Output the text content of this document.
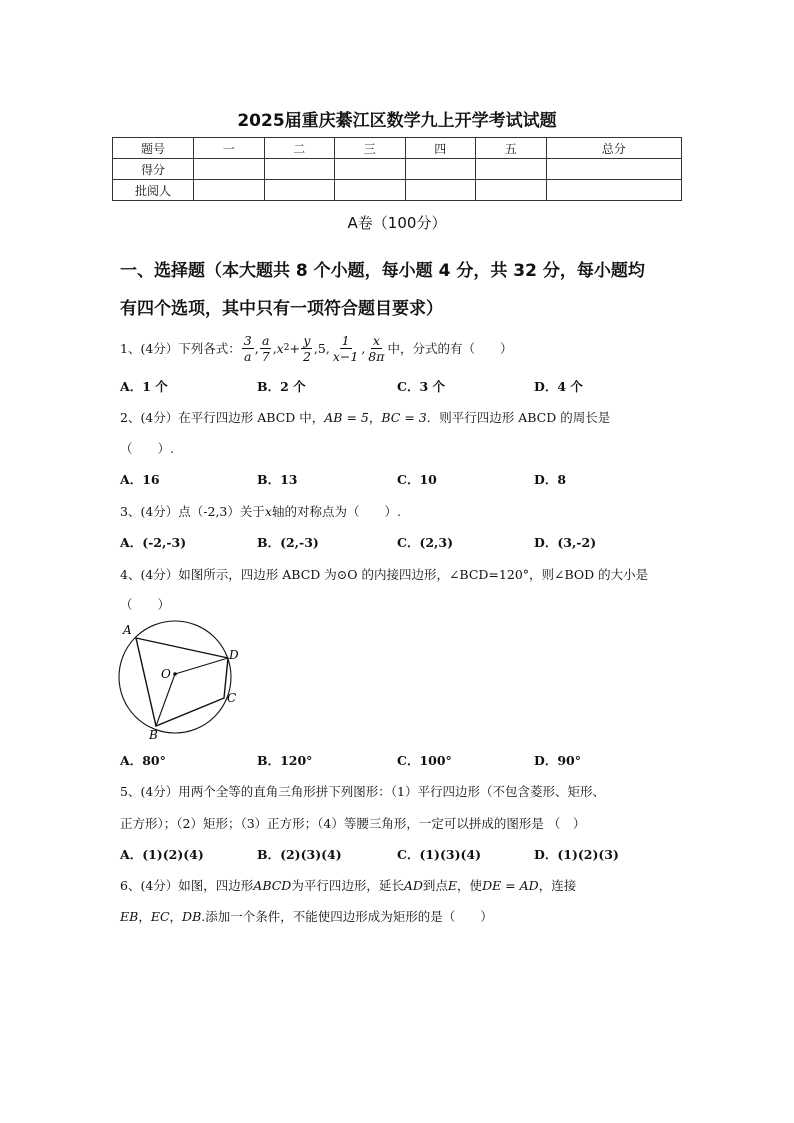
2025届重庆綦江区数学九上开学考试试题
题号	一	二	三	四	五	总分
得分						
批阅人						
A卷（100分）
一、选择题（本大题共 8 个小题，每小题 4 分，共 32 分，每小题均
有四个选项，其中只有一项符合题目要求）
1、(4分）下列各式： $\frac{3}{a}$ , $\frac{a}{7}$ , x $2 + \frac{y}{2}$ , 5 , $\frac{1}{x-1}$ , $\frac{x}{8\pi}$ 中，分式的有（　　）
A．1 个	B．2 个	C．3 个	D．4 个
2、(4分）在平行四边形 ABCD 中，AB = 5，BC = 3．则平行四边形 ABCD 的周长是
（　　）.
A．16	B．13	C．10	D．8
3、(4分）点（-2,3）关于x轴的对称点为（　　）.
A．(-2,-3)	B．(2,-3)	C．(2,3)	D．(3,-2)
4、(4分）如图所示，四边形 ABCD 为⊙O 的内接四边形，∠BCD=120°，则∠BOD 的大小是
（　　）
A
D
O
C
B
A．80°	B．120°	C．100°	D．90°
5、(4分）用两个全等的直角三角形拼下列图形：（1）平行四边形（不包含菱形、矩形、
正方形）；（2）矩形；（3）正方形；（4）等腰三角形，一定可以拼成的图形是 （　）
A．(1)(2)(4)	B．(2)(3)(4)	C．(1)(3)(4)	D．(1)(2)(3)
6、(4分）如图，四边形ABCD为平行四边形，延长AD到点E，使DE = AD，连接
EB，EC，DB.添加一个条件，不能使四边形成为矩形的是（　　）
